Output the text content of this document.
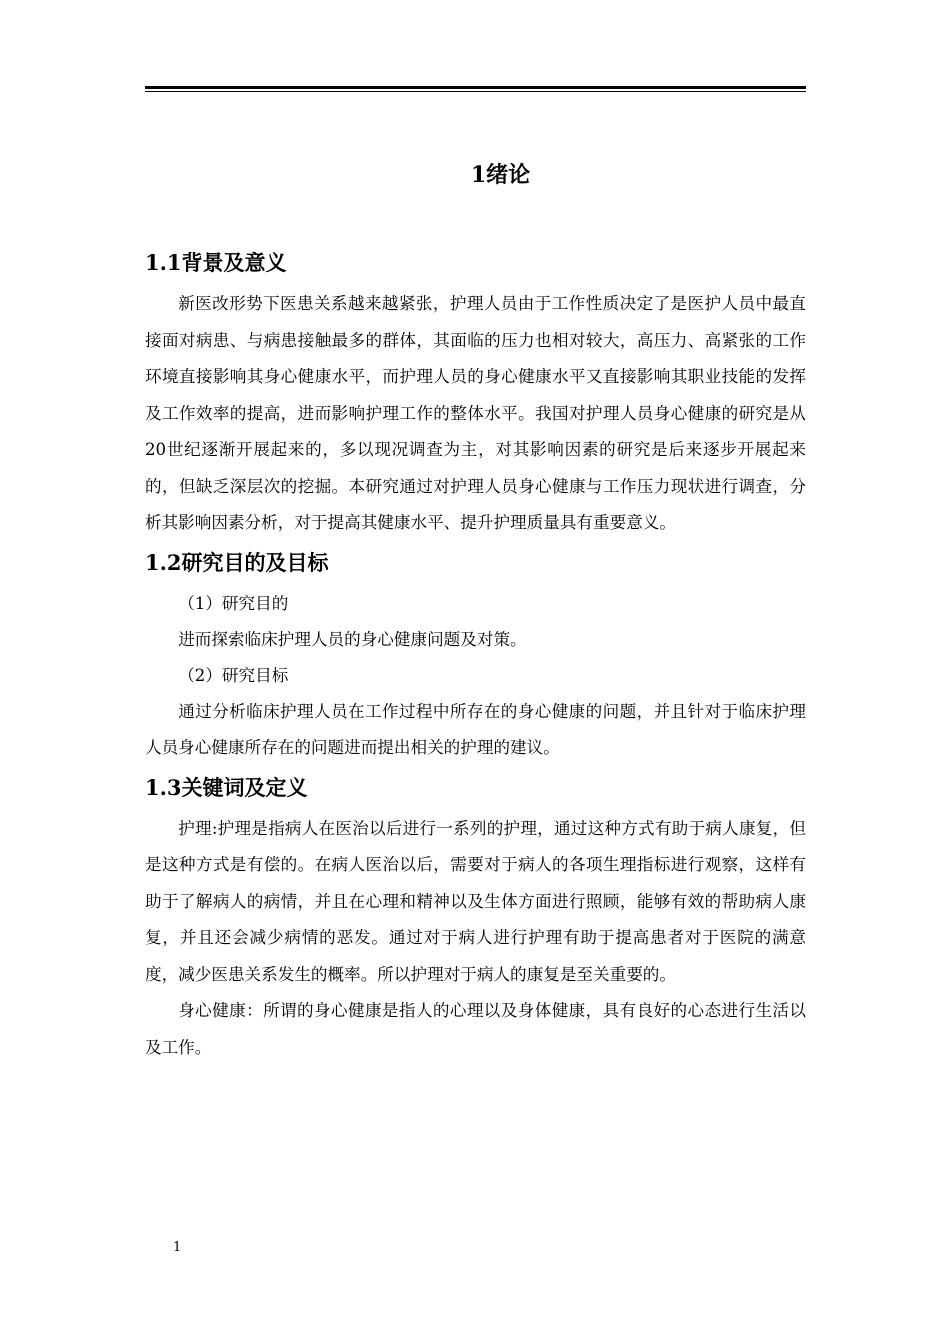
1绪论
1.1背景及意义

新医改形势下医患关系越来越紧张，护理人员由于工作性质决定了是医护人员中最直接面对病患、与病患接触最多的群体，其面临的压力也相对较大，高压力、高紧张的工作环境直接影响其身心健康水平，而护理人员的身心健康水平又直接影响其职业技能的发挥及工作效率的提高，进而影响护理工作的整体水平。我国对护理人员身心健康的研究是从20世纪逐渐开展起来的，多以现况调查为主，对其影响因素的研究是后来逐步开展起来的，但缺乏深层次的挖掘。本研究通过对护理人员身心健康与工作压力现状进行调查，分析其影响因素分析，对于提高其健康水平、提升护理质量具有重要意义。

1.2研究目的及目标

（1）研究目的

进而探索临床护理人员的身心健康问题及对策。

（2）研究目标

通过分析临床护理人员在工作过程中所存在的身心健康的问题，并且针对于临床护理人员身心健康所存在的问题进而提出相关的护理的建议。

1.3关键词及定义

护理:护理是指病人在医治以后进行一系列的护理，通过这种方式有助于病人康复，但是这种方式是有偿的。在病人医治以后，需要对于病人的各项生理指标进行观察，这样有助于了解病人的病情，并且在心理和精神以及生体方面进行照顾，能够有效的帮助病人康复，并且还会减少病情的恶发。通过对于病人进行护理有助于提高患者对于医院的满意度，减少医患关系发生的概率。所以护理对于病人的康复是至关重要的。

身心健康：所谓的身心健康是指人的心理以及身体健康，具有良好的心态进行生活以及工作。

1
